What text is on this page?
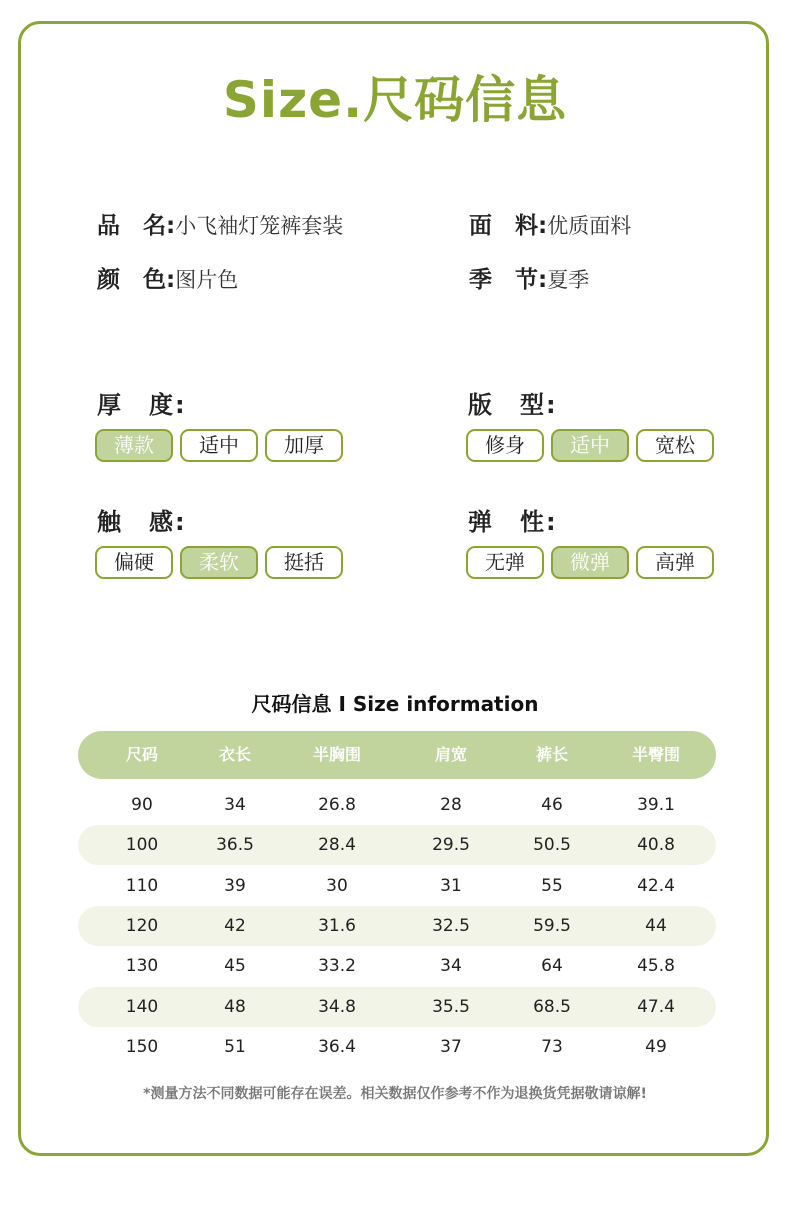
Size.尺码信息
品　名:小飞袖灯笼裤套装	面　料:优质面料
颜　色:图片色	季　节:夏季
厚　度:
薄款	适中	加厚
版　型:
修身	适中	宽松
触　感:
偏硬	柔软	挺括
弹　性:
无弹	微弹	高弹
尺码信息 I Size information
尺码	衣长	半胸围	肩宽	裤长	半臀围
90	34	26.8	28	46	39.1
100	36.5	28.4	29.5	50.5	40.8
110	39	30	31	55	42.4
120	42	31.6	32.5	59.5	44
130	45	33.2	34	64	45.8
140	48	34.8	35.5	68.5	47.4
150	51	36.4	37	73	49
*测量方法不同数据可能存在误差。相关数据仅作参考不作为退换货凭据敬请谅解!
